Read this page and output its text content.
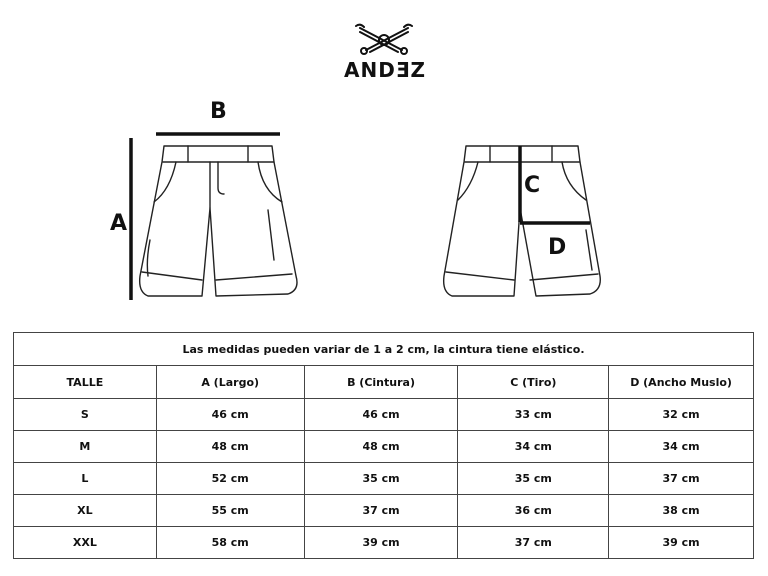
ANDƎZ
B
A
C
D
Las medidas pueden variar de 1 a 2 cm, la cintura tiene elástico.				
TALLE	A (Largo)	B (Cintura)	C (Tiro)	D (Ancho Muslo)
S	46 cm	46 cm	33 cm	32 cm
M	48 cm	48 cm	34 cm	34 cm
L	52 cm	35 cm	35 cm	37 cm
XL	55 cm	37 cm	36 cm	38 cm
XXL	58 cm	39 cm	37 cm	39 cm
